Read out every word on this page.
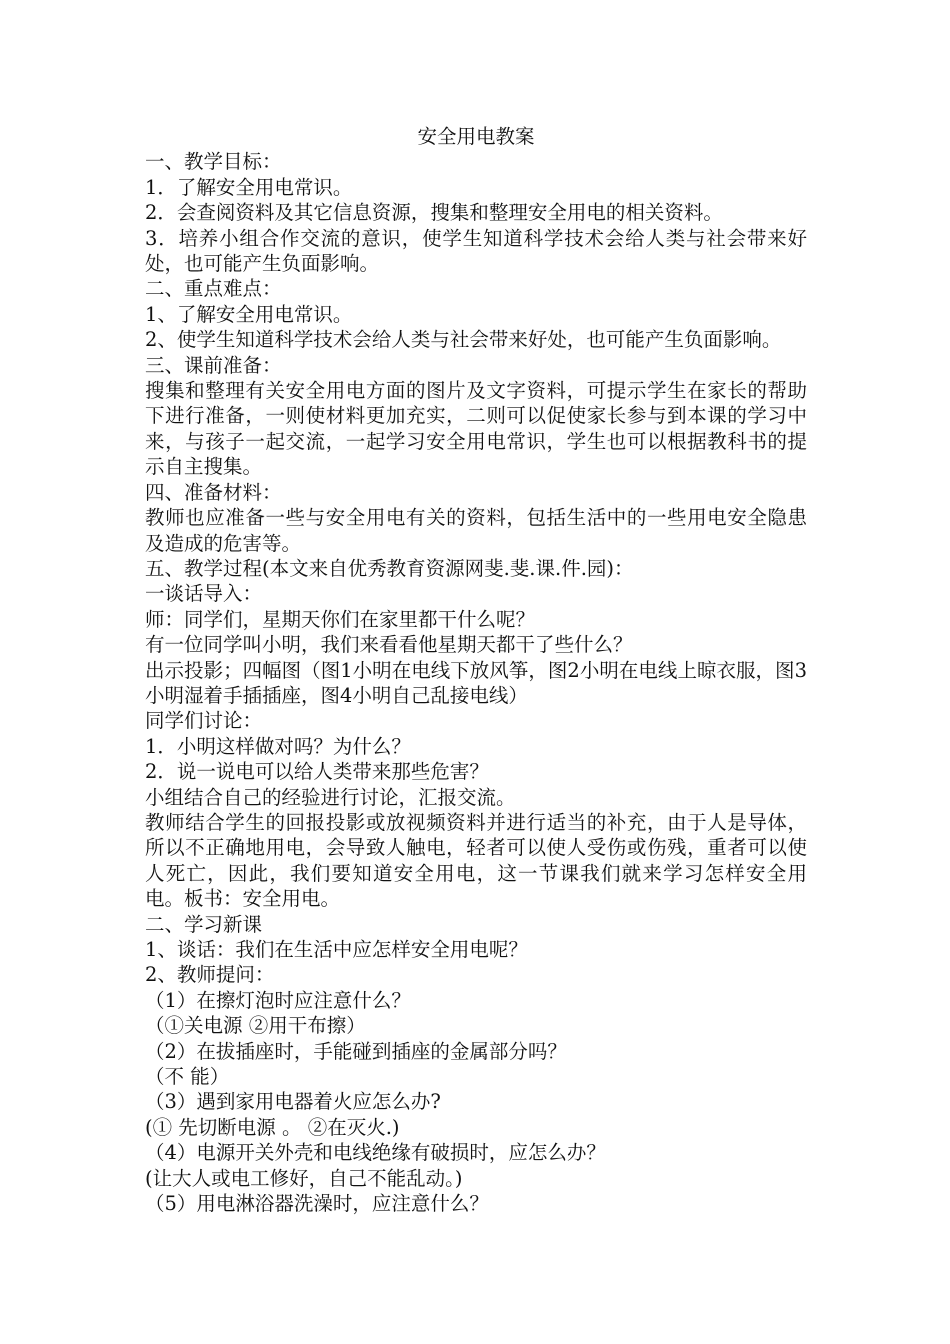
安全用电教案

一、教学目标：

1．了解安全用电常识。

2．会查阅资料及其它信息资源，搜集和整理安全用电的相关资料。

3．培养小组合作交流的意识，使学生知道科学技术会给人类与社会带来好处，也可能产生负面影响。

二、重点难点：

1、了解安全用电常识。

2、使学生知道科学技术会给人类与社会带来好处，也可能产生负面影响。

三、课前准备：

搜集和整理有关安全用电方面的图片及文字资料，可提示学生在家长的帮助下进行准备，一则使材料更加充实，二则可以促使家长参与到本课的学习中来，与孩子一起交流，一起学习安全用电常识，学生也可以根据教科书的提示自主搜集。

四、准备材料：

教师也应准备一些与安全用电有关的资料，包括生活中的一些用电安全隐患及造成的危害等。

五、教学过程(本文来自优秀教育资源网斐.斐.课.件.园)：

一谈话导入：

师：同学们，星期天你们在家里都干什么呢？

有一位同学叫小明，我们来看看他星期天都干了些什么？

出示投影；四幅图（图1小明在电线下放风筝，图2小明在电线上晾衣服，图3小明湿着手插插座，图4小明自己乱接电线）

同学们讨论：

1．小明这样做对吗？为什么？

2．说一说电可以给人类带来那些危害？

小组结合自己的经验进行讨论，汇报交流。

教师结合学生的回报投影或放视频资料并进行适当的补充，由于人是导体，所以不正确地用电，会导致人触电，轻者可以使人受伤或伤残，重者可以使人死亡，因此，我们要知道安全用电，这一节课我们就来学习怎样安全用电。板书：安全用电。

二、学习新课

1、谈话：我们在生活中应怎样安全用电呢？

2、教师提问：

（1）在擦灯泡时应注意什么？

（①关电源 ②用干布擦）

（2）在拔插座时，手能碰到插座的金属部分吗？

（不 能）

（3）遇到家用电器着火应怎么办?

(① 先切断电源 。 ②在灭火.)

（4）电源开关外壳和电线绝缘有破损时，应怎么办？

(让大人或电工修好，自己不能乱动。)

（5）用电淋浴器洗澡时，应注意什么？
